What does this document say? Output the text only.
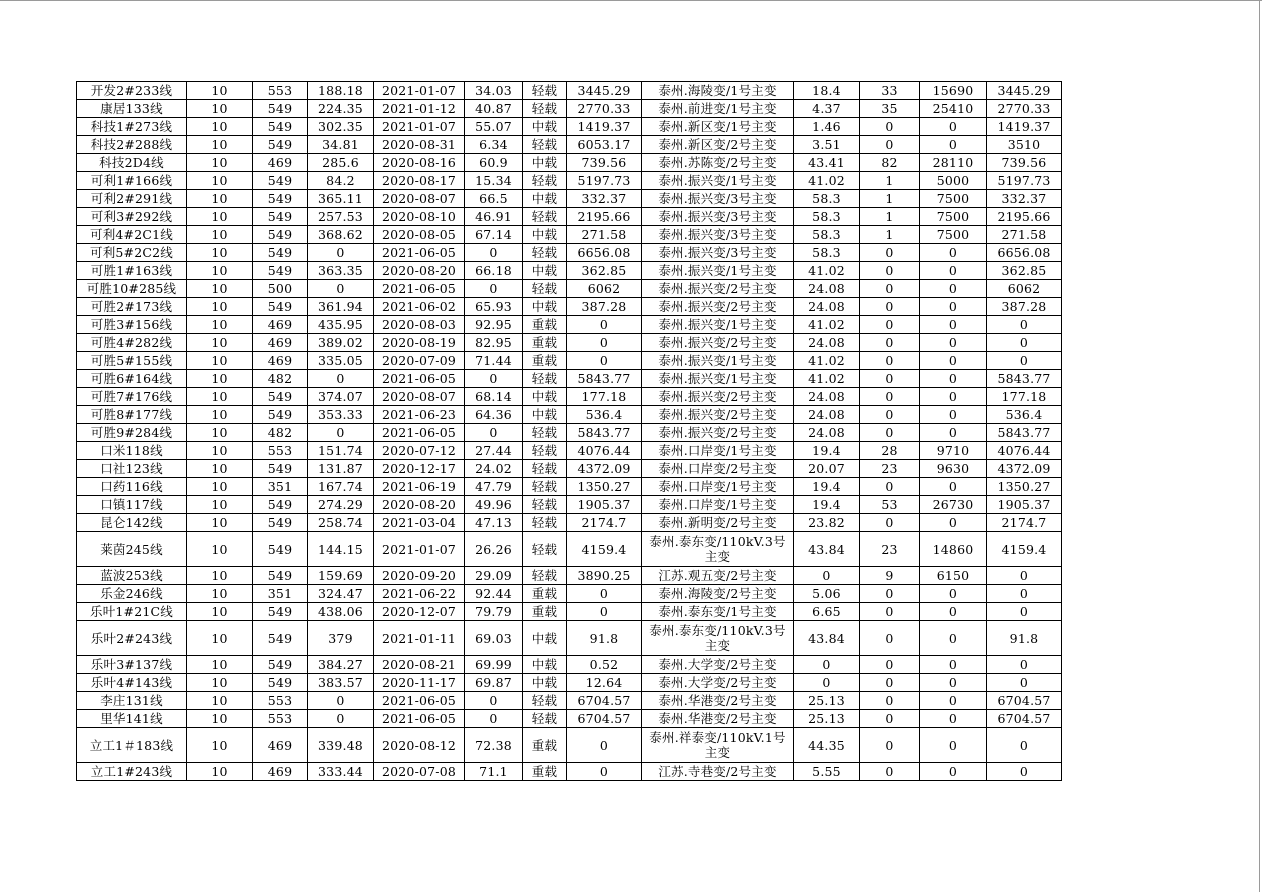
开发2#233线	10	553	188.18	2021-01-07	34.03	轻载	3445.29	泰州.海陵变/1号主变	18.4	33	15690	3445.29
康居133线	10	549	224.35	2021-01-12	40.87	轻载	2770.33	泰州.前进变/1号主变	4.37	35	25410	2770.33
科技1#273线	10	549	302.35	2021-01-07	55.07	中载	1419.37	泰州.新区变/1号主变	1.46	0	0	1419.37
科技2#288线	10	549	34.81	2020-08-31	6.34	轻载	6053.17	泰州.新区变/2号主变	3.51	0	0	3510
科技2D4线	10	469	285.6	2020-08-16	60.9	中载	739.56	泰州.苏陈变/2号主变	43.41	82	28110	739.56
可利1#166线	10	549	84.2	2020-08-17	15.34	轻载	5197.73	泰州.振兴变/1号主变	41.02	1	5000	5197.73
可利2#291线	10	549	365.11	2020-08-07	66.5	中载	332.37	泰州.振兴变/3号主变	58.3	1	7500	332.37
可利3#292线	10	549	257.53	2020-08-10	46.91	轻载	2195.66	泰州.振兴变/3号主变	58.3	1	7500	2195.66
可利4#2C1线	10	549	368.62	2020-08-05	67.14	中载	271.58	泰州.振兴变/3号主变	58.3	1	7500	271.58
可利5#2C2线	10	549	0	2021-06-05	0	轻载	6656.08	泰州.振兴变/3号主变	58.3	0	0	6656.08
可胜1#163线	10	549	363.35	2020-08-20	66.18	中载	362.85	泰州.振兴变/1号主变	41.02	0	0	362.85
可胜10#285线	10	500	0	2021-06-05	0	轻载	6062	泰州.振兴变/2号主变	24.08	0	0	6062
可胜2#173线	10	549	361.94	2021-06-02	65.93	中载	387.28	泰州.振兴变/2号主变	24.08	0	0	387.28
可胜3#156线	10	469	435.95	2020-08-03	92.95	重载	0	泰州.振兴变/1号主变	41.02	0	0	0
可胜4#282线	10	469	389.02	2020-08-19	82.95	重载	0	泰州.振兴变/2号主变	24.08	0	0	0
可胜5#155线	10	469	335.05	2020-07-09	71.44	重载	0	泰州.振兴变/1号主变	41.02	0	0	0
可胜6#164线	10	482	0	2021-06-05	0	轻载	5843.77	泰州.振兴变/1号主变	41.02	0	0	5843.77
可胜7#176线	10	549	374.07	2020-08-07	68.14	中载	177.18	泰州.振兴变/2号主变	24.08	0	0	177.18
可胜8#177线	10	549	353.33	2021-06-23	64.36	中载	536.4	泰州.振兴变/2号主变	24.08	0	0	536.4
可胜9#284线	10	482	0	2021-06-05	0	轻载	5843.77	泰州.振兴变/2号主变	24.08	0	0	5843.77
口米118线	10	553	151.74	2020-07-12	27.44	轻载	4076.44	泰州.口岸变/1号主变	19.4	28	9710	4076.44
口社123线	10	549	131.87	2020-12-17	24.02	轻载	4372.09	泰州.口岸变/2号主变	20.07	23	9630	4372.09
口药116线	10	351	167.74	2021-06-19	47.79	轻载	1350.27	泰州.口岸变/1号主变	19.4	0	0	1350.27
口镇117线	10	549	274.29	2020-08-20	49.96	轻载	1905.37	泰州.口岸变/1号主变	19.4	53	26730	1905.37
昆仑142线	10	549	258.74	2021-03-04	47.13	轻载	2174.7	泰州.新明变/2号主变	23.82	0	0	2174.7
莱茵245线	10	549	144.15	2021-01-07	26.26	轻载	4159.4	泰州.泰东变/110kV.3号主变	43.84	23	14860	4159.4
蓝波253线	10	549	159.69	2020-09-20	29.09	轻载	3890.25	江苏.观五变/2号主变	0	9	6150	0
乐金246线	10	351	324.47	2021-06-22	92.44	重载	0	泰州.海陵变/2号主变	5.06	0	0	0
乐叶1#21C线	10	549	438.06	2020-12-07	79.79	重载	0	泰州.泰东变/1号主变	6.65	0	0	0
乐叶2#243线	10	549	379	2021-01-11	69.03	中载	91.8	泰州.泰东变/110kV.3号主变	43.84	0	0	91.8
乐叶3#137线	10	549	384.27	2020-08-21	69.99	中载	0.52	泰州.大学变/2号主变	0	0	0	0
乐叶4#143线	10	549	383.57	2020-11-17	69.87	中载	12.64	泰州.大学变/2号主变	0	0	0	0
李庄131线	10	553	0	2021-06-05	0	轻载	6704.57	泰州.华港变/2号主变	25.13	0	0	6704.57
里华141线	10	553	0	2021-06-05	0	轻载	6704.57	泰州.华港变/2号主变	25.13	0	0	6704.57
立工1＃183线	10	469	339.48	2020-08-12	72.38	重载	0	泰州.祥泰变/110kV.1号主变	44.35	0	0	0
立工1#243线	10	469	333.44	2020-07-08	71.1	重载	0	江苏.寺巷变/2号主变	5.55	0	0	0
